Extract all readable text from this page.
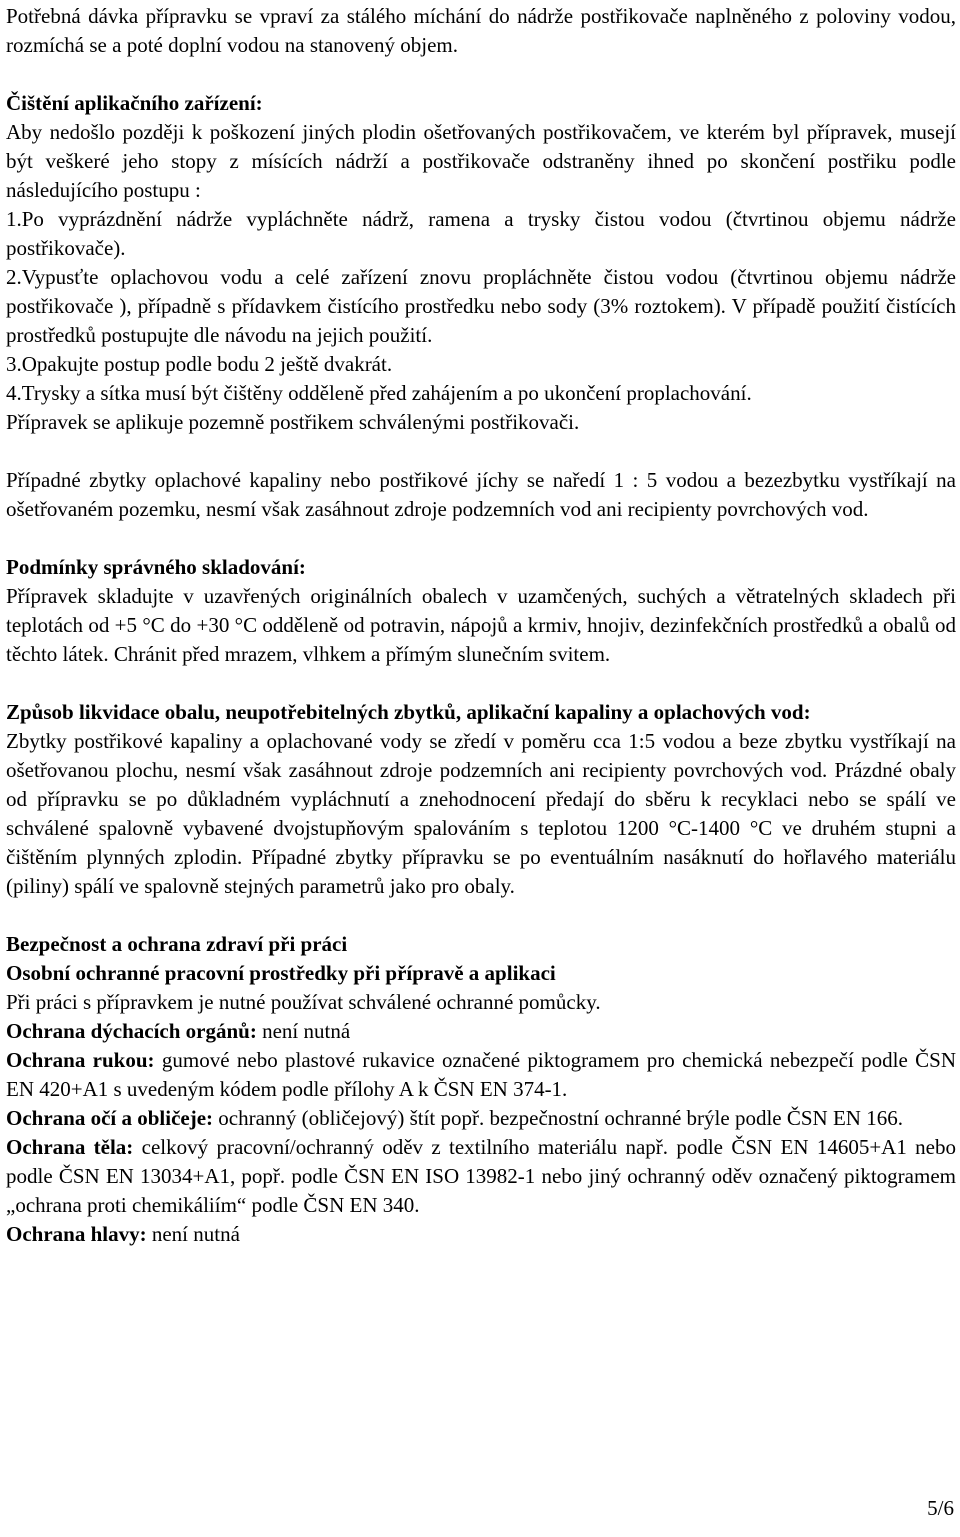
Potřebná dávka přípravku se vpraví za stálého míchání do nádrže postřikovače naplněného z poloviny vodou, rozmíchá se a poté doplní vodou na stanovený objem.

Čištění aplikačního zařízení:

Aby nedošlo později k poškození jiných plodin ošetřovaných postřikovačem, ve kterém byl přípravek, musejí být veškeré jeho stopy z mísících nádrží a postřikovače odstraněny ihned po skončení postřiku podle následujícího postupu :

1.Po vyprázdnění nádrže vypláchněte nádrž, ramena a trysky čistou vodou (čtvrtinou objemu nádrže postřikovače).

2.Vypusťte oplachovou vodu a celé zařízení znovu propláchněte čistou vodou (čtvrtinou objemu nádrže postřikovače ), případně s přídavkem čistícího prostředku nebo sody (3% roztokem). V případě použití čistících prostředků postupujte dle návodu na jejich použití.

3.Opakujte postup podle bodu 2 ještě dvakrát.

4.Trysky a sítka musí být čištěny odděleně před zahájením a po ukončení proplachování.

Přípravek se aplikuje pozemně postřikem schválenými postřikovači.

Případné zbytky oplachové kapaliny nebo postřikové jíchy se naředí 1 : 5 vodou a bezezbytku vystříkají na ošetřovaném pozemku, nesmí však zasáhnout zdroje podzemních vod ani recipienty povrchových vod.

Podmínky správného skladování:

Přípravek skladujte v uzavřených originálních obalech v uzamčených, suchých a větratelných skladech při teplotách od +5 °C do +30 °C odděleně od potravin, nápojů a krmiv, hnojiv, dezinfekčních prostředků a obalů od těchto látek. Chránit před mrazem, vlhkem a přímým slunečním svitem.

Způsob likvidace obalu, neupotřebitelných zbytků, aplikační kapaliny a oplachových vod:

Zbytky postřikové kapaliny a oplachované vody se zředí v poměru cca 1:5 vodou a beze zbytku vystříkají na ošetřovanou plochu, nesmí však zasáhnout zdroje podzemních ani recipienty povrchových vod. Prázdné obaly od přípravku se po důkladném vypláchnutí a znehodnocení předají do sběru k recyklaci nebo se spálí ve schválené spalovně vybavené dvojstupňovým spalováním s teplotou 1200 °C-1400 °C ve druhém stupni a čištěním plynných zplodin. Případné zbytky přípravku se po eventuálním nasáknutí do hořlavého materiálu (piliny) spálí ve spalovně stejných parametrů jako pro obaly.

Bezpečnost a ochrana zdraví při práci

Osobní ochranné pracovní prostředky při přípravě a aplikaci

Při práci s přípravkem je nutné používat schválené ochranné pomůcky.

Ochrana dýchacích orgánů: není nutná

Ochrana rukou: gumové nebo plastové rukavice označené piktogramem pro chemická nebezpečí podle ČSN EN 420+A1 s uvedeným kódem podle přílohy A k ČSN EN 374-1.

Ochrana očí a obličeje: ochranný (obličejový) štít popř. bezpečnostní ochranné brýle podle ČSN EN 166.

Ochrana těla: celkový pracovní/ochranný oděv z textilního materiálu např. podle ČSN EN 14605+A1 nebo podle ČSN EN 13034+A1, popř. podle ČSN EN ISO 13982-1 nebo jiný ochranný oděv označený piktogramem „ochrana proti chemikáliím“ podle ČSN EN 340.

Ochrana hlavy: není nutná

5/6
